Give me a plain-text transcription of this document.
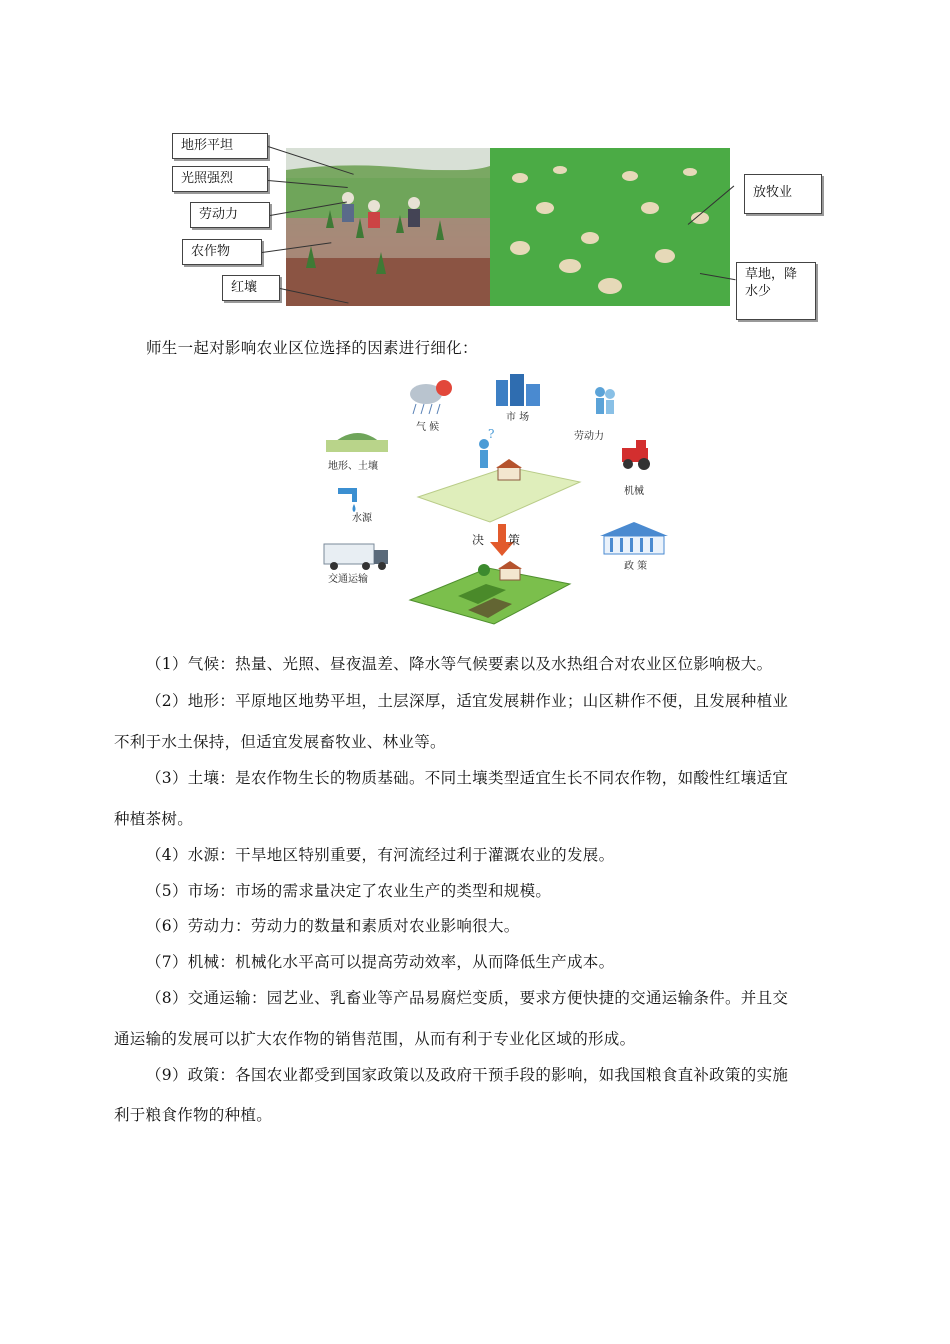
地形平坦
光照强烈
劳动力
农作物
红壤
放牧业
草地，降水少
师生一起对影响农业区位选择的因素进行细化：
?
气 候
市 场
劳动力
地形、土壤
机械
水源
决　　策
政 策
交通运输
（1）气候：热量、光照、昼夜温差、降水等气候要素以及水热组合对农业区位影响极大。
（2）地形：平原地区地势平坦，土层深厚，适宜发展耕作业；山区耕作不便，且发展种植业
不利于水土保持，但适宜发展畜牧业、林业等。
（3）土壤：是农作物生长的物质基础。不同土壤类型适宜生长不同农作物，如酸性红壤适宜
种植茶树。
（4）水源：干旱地区特别重要，有河流经过利于灌溉农业的发展。
（5）市场：市场的需求量决定了农业生产的类型和规模。
（6）劳动力：劳动力的数量和素质对农业影响很大。
（7）机械：机械化水平高可以提高劳动效率，从而降低生产成本。
（8）交通运输：园艺业、乳畜业等产品易腐烂变质，要求方便快捷的交通运输条件。并且交
通运输的发展可以扩大农作物的销售范围，从而有利于专业化区域的形成。
（9）政策：各国农业都受到国家政策以及政府干预手段的影响，如我国粮食直补政策的实施
利于粮食作物的种植。
